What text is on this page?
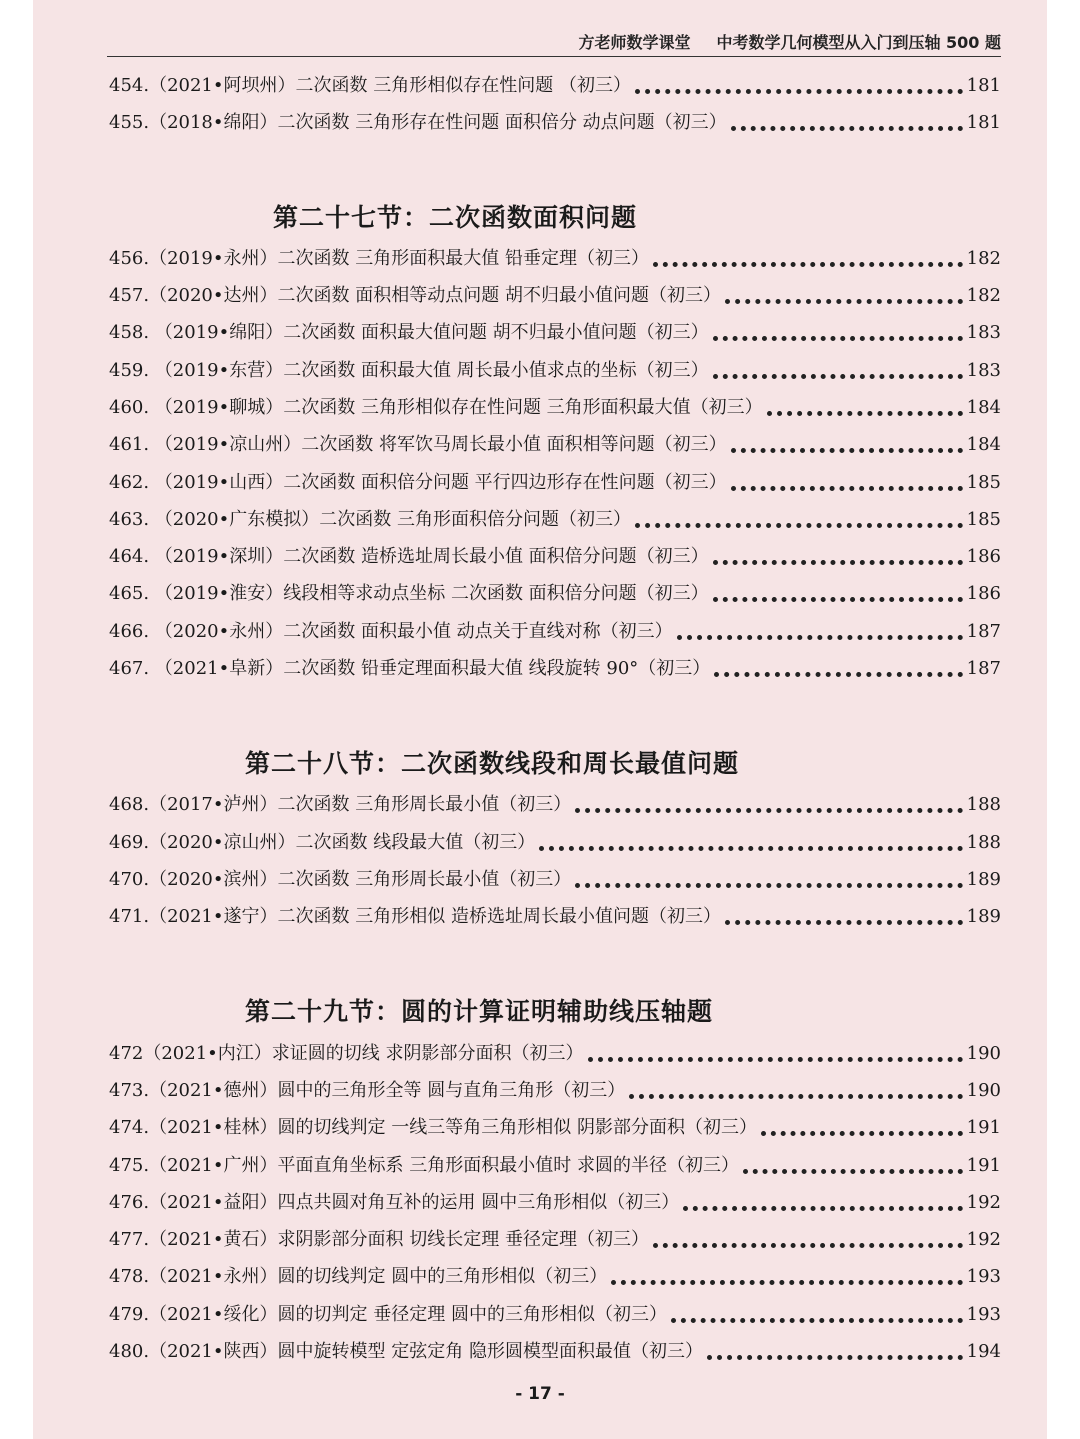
方老师数学课堂 中考数学几何模型从入门到压轴 500 题
454.（2021•阿坝州）二次函数 三角形相似存在性问题 （初三）	181
455.（2018•绵阳）二次函数 三角形存在性问题 面积倍分 动点问题（初三）	181
第二十七节：二次函数面积问题
456.（2019•永州）二次函数 三角形面积最大值 铅垂定理（初三）	182
457.（2020•达州）二次函数 面积相等动点问题 胡不归最小值问题（初三）	182
458. （2019•绵阳）二次函数 面积最大值问题 胡不归最小值问题（初三）	183
459. （2019•东营）二次函数 面积最大值 周长最小值求点的坐标（初三）	183
460. （2019•聊城）二次函数 三角形相似存在性问题 三角形面积最大值（初三）	184
461. （2019•凉山州）二次函数 将军饮马周长最小值 面积相等问题（初三）	184
462. （2019•山西）二次函数 面积倍分问题 平行四边形存在性问题（初三）	185
463. （2020•广东模拟）二次函数 三角形面积倍分问题（初三）	185
464. （2019•深圳）二次函数 造桥选址周长最小值 面积倍分问题（初三）	186
465. （2019•淮安）线段相等求动点坐标 二次函数 面积倍分问题（初三）	186
466. （2020•永州）二次函数 面积最小值 动点关于直线对称（初三）	187
467. （2021•阜新）二次函数 铅垂定理面积最大值 线段旋转 90°（初三）	187
第二十八节：二次函数线段和周长最值问题
468.（2017•泸州）二次函数 三角形周长最小值（初三）	188
469.（2020•凉山州）二次函数 线段最大值（初三）	188
470.（2020•滨州）二次函数 三角形周长最小值（初三）	189
471.（2021•遂宁）二次函数 三角形相似 造桥选址周长最小值问题（初三）	189
第二十九节：圆的计算证明辅助线压轴题
472（2021•内江）求证圆的切线 求阴影部分面积（初三）	190
473.（2021•德州）圆中的三角形全等 圆与直角三角形（初三）	190
474.（2021•桂林）圆的切线判定 一线三等角三角形相似 阴影部分面积（初三）	191
475.（2021•广州）平面直角坐标系 三角形面积最小值时 求圆的半径（初三）	191
476.（2021•益阳）四点共圆对角互补的运用 圆中三角形相似（初三）	192
477.（2021•黄石）求阴影部分面积 切线长定理 垂径定理（初三）	192
478.（2021•永州）圆的切线判定 圆中的三角形相似（初三）	193
479.（2021•绥化）圆的切判定 垂径定理 圆中的三角形相似（初三）	193
480.（2021•陕西）圆中旋转模型 定弦定角 隐形圆模型面积最值（初三）	194
- 17 -
